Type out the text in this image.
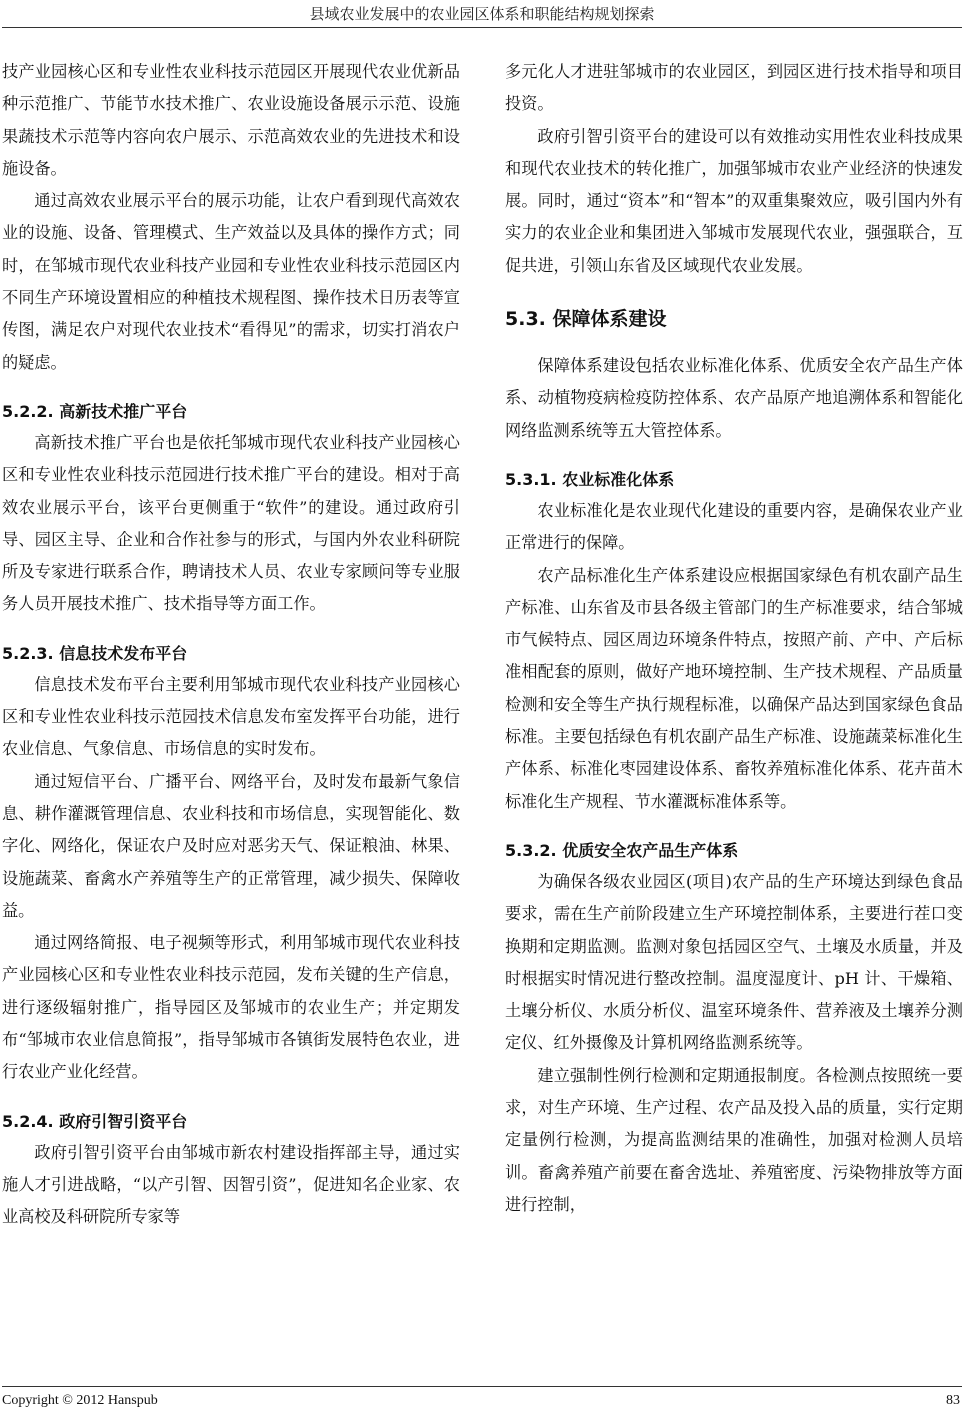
县域农业发展中的农业园区体系和职能结构规划探索

技产业园核心区和专业性农业科技示范园区开展现代农业优新品种示范推广、节能节水技术推广、农业设施设备展示示范、设施果蔬技术示范等内容向农户展示、示范高效农业的先进技术和设施设备。

通过高效农业展示平台的展示功能，让农户看到现代高效农业的设施、设备、管理模式、生产效益以及具体的操作方式；同时，在邹城市现代农业科技产业园和专业性农业科技示范园区内不同生产环境设置相应的种植技术规程图、操作技术日历表等宣传图，满足农户对现代农业技术“看得见”的需求，切实打消农户的疑虑。

5.2.2. 高新技术推广平台

高新技术推广平台也是依托邹城市现代农业科技产业园核心区和专业性农业科技示范园进行技术推广平台的建设。相对于高效农业展示平台，该平台更侧重于“软件”的建设。通过政府引导、园区主导、企业和合作社参与的形式，与国内外农业科研院所及专家进行联系合作，聘请技术人员、农业专家顾问等专业服务人员开展技术推广、技术指导等方面工作。

5.2.3. 信息技术发布平台

信息技术发布平台主要利用邹城市现代农业科技产业园核心区和专业性农业科技示范园技术信息发布室发挥平台功能，进行农业信息、气象信息、市场信息的实时发布。

通过短信平台、广播平台、网络平台，及时发布最新气象信息、耕作灌溉管理信息、农业科技和市场信息，实现智能化、数字化、网络化，保证农户及时应对恶劣天气、保证粮油、林果、设施蔬菜、畜禽水产养殖等生产的正常管理，减少损失、保障收益。

通过网络简报、电子视频等形式，利用邹城市现代农业科技产业园核心区和专业性农业科技示范园，发布关键的生产信息，进行逐级辐射推广，指导园区及邹城市的农业生产；并定期发布“邹城市农业信息简报”，指导邹城市各镇街发展特色农业，进行农业产业化经营。

5.2.4. 政府引智引资平台

政府引智引资平台由邹城市新农村建设指挥部主导，通过实施人才引进战略，“以产引智、因智引资”，促进知名企业家、农业高校及科研院所专家等

多元化人才进驻邹城市的农业园区，到园区进行技术指导和项目投资。

政府引智引资平台的建设可以有效推动实用性农业科技成果和现代农业技术的转化推广，加强邹城市农业产业经济的快速发展。同时，通过“资本”和“智本”的双重集聚效应，吸引国内外有实力的农业企业和集团进入邹城市发展现代农业，强强联合，互促共进，引领山东省及区域现代农业发展。

5.3. 保障体系建设

保障体系建设包括农业标准化体系、优质安全农产品生产体系、动植物疫病检疫防控体系、农产品原产地追溯体系和智能化网络监测系统等五大管控体系。

5.3.1. 农业标准化体系

农业标准化是农业现代化建设的重要内容，是确保农业产业正常进行的保障。

农产品标准化生产体系建设应根据国家绿色有机农副产品生产标准、山东省及市县各级主管部门的生产标准要求，结合邹城市气候特点、园区周边环境条件特点，按照产前、产中、产后标准相配套的原则，做好产地环境控制、生产技术规程、产品质量检测和安全等生产执行规程标准，以确保产品达到国家绿色食品标准。主要包括绿色有机农副产品生产标准、设施蔬菜标准化生产体系、标准化枣园建设体系、畜牧养殖标准化体系、花卉苗木标准化生产规程、节水灌溉标准体系等。

5.3.2. 优质安全农产品生产体系

为确保各级农业园区(项目)农产品的生产环境达到绿色食品要求，需在生产前阶段建立生产环境控制体系，主要进行茬口变换期和定期监测。监测对象包括园区空气、土壤及水质量，并及时根据实时情况进行整改控制。温度湿度计、pH 计、干燥箱、土壤分析仪、水质分析仪、温室环境条件、营养液及土壤养分测定仪、红外摄像及计算机网络监测系统等。

建立强制性例行检测和定期通报制度。各检测点按照统一要求，对生产环境、生产过程、农产品及投入品的质量，实行定期定量例行检测，为提高监测结果的准确性，加强对检测人员培训。畜禽养殖产前要在畜舍选址、养殖密度、污染物排放等方面进行控制，

Copyright © 2012 Hanspub	83
